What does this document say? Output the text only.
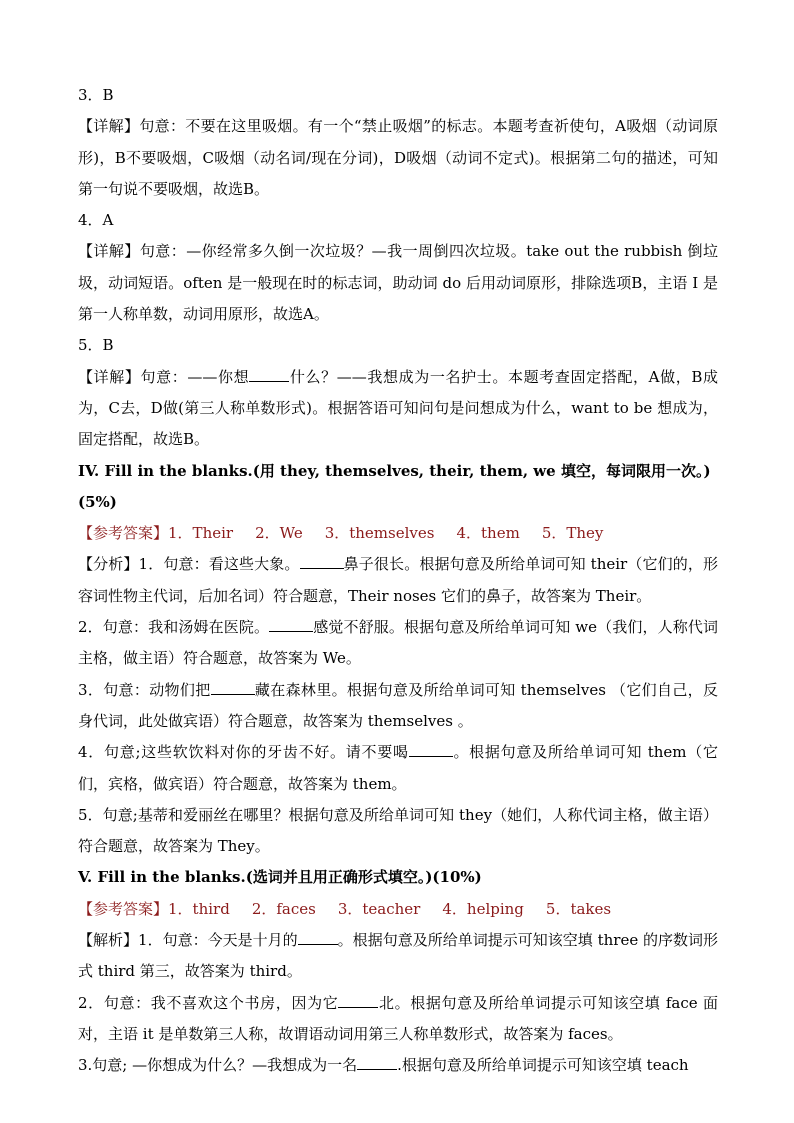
3．B

【详解】句意：不要在这里吸烟。有一个“禁止吸烟”的标志。本题考查祈使句，A吸烟（动词原形)，B不要吸烟，C吸烟（动名词/现在分词)，D吸烟（动词不定式)。根据第二句的描述，可知第一句说不要吸烟，故选B。

4．A

【详解】句意：—你经常多久倒一次垃圾？—我一周倒四次垃圾。take out the rubbish 倒垃圾，动词短语。often 是一般现在时的标志词，助动词 do 后用动词原形，排除选项B，主语 I 是第一人称单数，动词用原形，故选A。

5．B

【详解】句意：——你想	什么？——我想成为一名护士。本题考查固定搭配，A做，B成为，C去，D做(第三人称单数形式)。根据答语可知问句是问想成为什么，want to be 想成为，固定搭配，故选B。

IV. Fill in the blanks.(用 they, themselves, their, them, we 填空，每词限用一次。)(5%)

【参考答案】1．Their 2．We 3．themselves 4．them 5．They

【分析】1．句意：看这些大象。	鼻子很长。根据句意及所给单词可知 their（它们的，形容词性物主代词，后加名词）符合题意，Their noses 它们的鼻子，故答案为 Their。

2．句意：我和汤姆在医院。	感觉不舒服。根据句意及所给单词可知 we（我们，人称代词主格，做主语）符合题意，故答案为 We。

3．句意：动物们把	藏在森林里。根据句意及所给单词可知 themselves （它们自己，反身代词，此处做宾语）符合题意，故答案为 themselves 。

4．句意;这些软饮料对你的牙齿不好。请不要喝	。根据句意及所给单词可知 them（它们，宾格，做宾语）符合题意，故答案为 them。

5．句意;基蒂和爱丽丝在哪里？根据句意及所给单词可知 they（她们，人称代词主格，做主语）符合题意，故答案为 They。

V. Fill in the blanks.(选词并且用正确形式填空。)(10%)

【参考答案】1．third 2．faces 3．teacher 4．helping 5．takes

【解析】1．句意：今天是十月的	。根据句意及所给单词提示可知该空填 three 的序数词形式 third 第三，故答案为 third。

2．句意：我不喜欢这个书房，因为它	北。根据句意及所给单词提示可知该空填 face 面对，主语 it 是单数第三人称，故谓语动词用第三人称单数形式，故答案为 faces。

3.句意; —你想成为什么？—我想成为一名	.根据句意及所给单词提示可知该空填 teach
